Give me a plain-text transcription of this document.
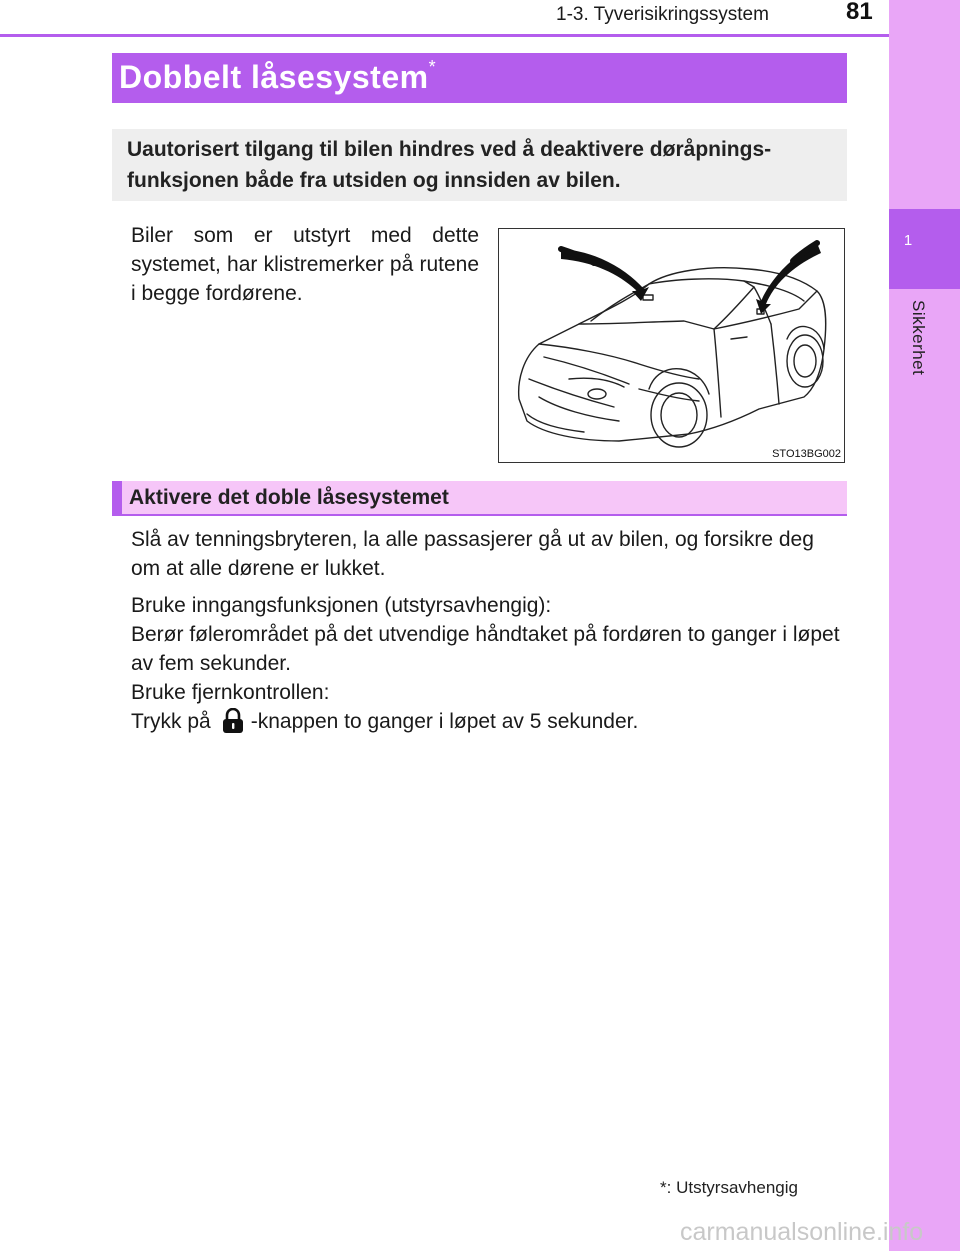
1
Sikkerhet
1-3. Tyverisikringssystem	81
Dobbelt låsesystem*
Uautorisert tilgang til bilen hindres ved å deaktivere døråpnings-funksjonen både fra utsiden og innsiden av bilen.
Biler som er utstyrt med dette systemet, har klistremerker på rutene i begge fordørene.
STO13BG002
Aktivere det doble låsesystemet

Slå av tenningsbryteren, la alle passasjerer gå ut av bilen, og forsikre deg om at alle dørene er lukket.

Bruke inngangsfunksjonen (utstyrsavhengig):

Berør følerområdet på det utvendige håndtaket på fordøren to ganger i løpet av fem sekunder.

Bruke fjernkontrollen:

Trykk på -knappen to ganger i løpet av 5 sekunder.

*: Utstyrsavhengig
carmanualsonline.info
